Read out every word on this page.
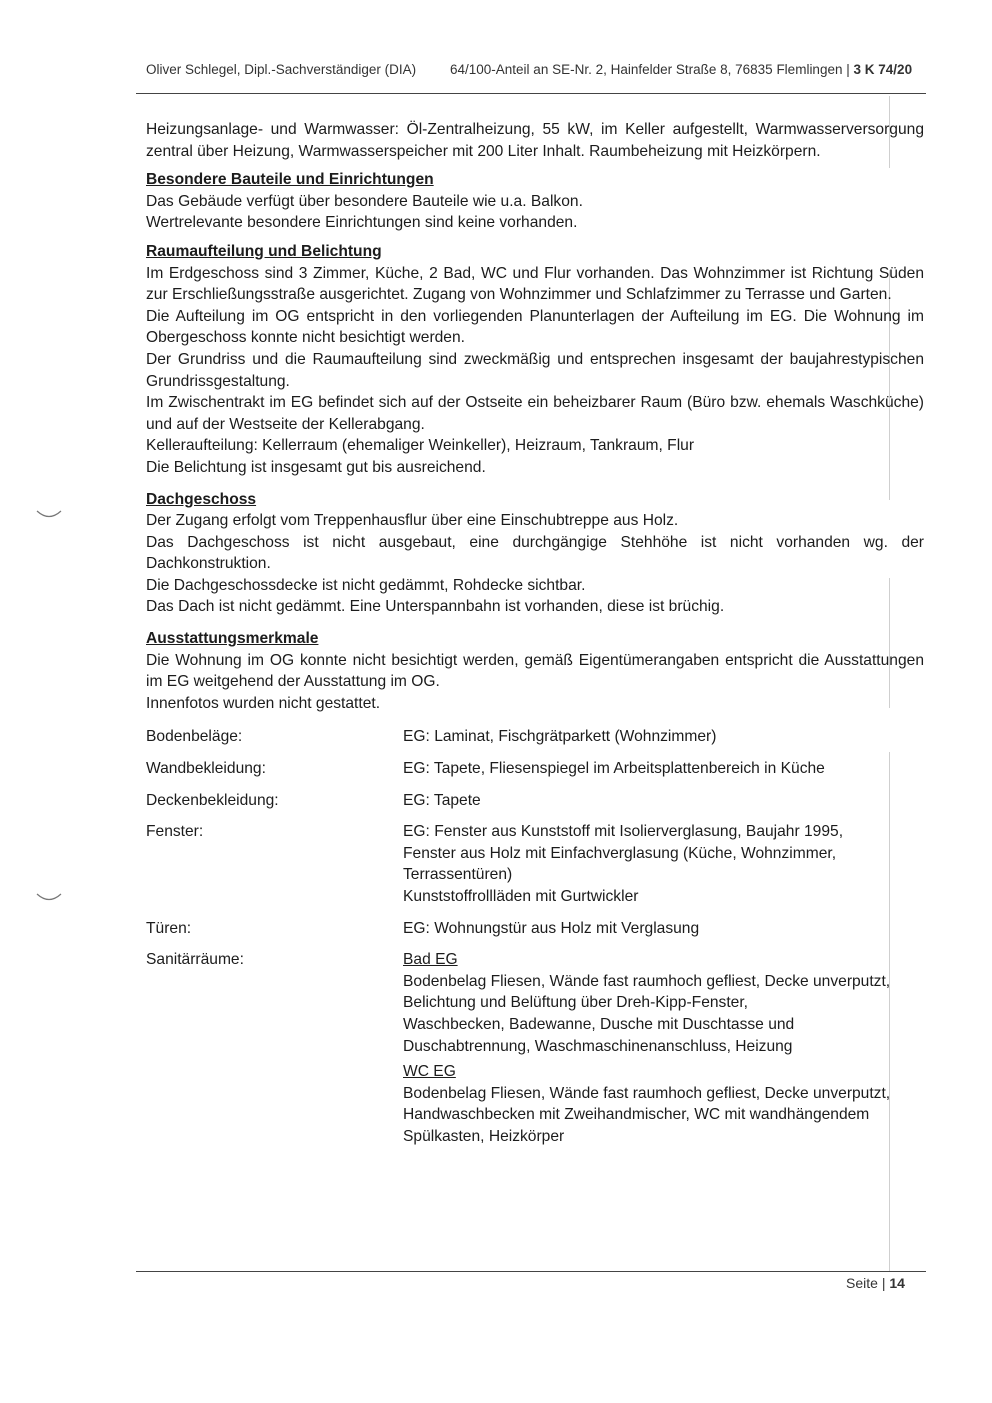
Oliver Schlegel, Dipl.-Sachverständiger (DIA)	64/100-Anteil an SE-Nr. 2, Hainfelder Straße 8, 76835 Flemlingen | 3 K 74/20

Heizungsanlage- und Warmwasser: Öl-Zentralheizung, 55 kW, im Keller aufgestellt, Warmwasserversorgung zentral über Heizung, Warmwasserspeicher mit 200 Liter Inhalt. Raumbeheizung mit Heizkörpern.

Besondere Bauteile und Einrichtungen

Das Gebäude verfügt über besondere Bauteile wie u.a. Balkon.

Wertrelevante besondere Einrichtungen sind keine vorhanden.

Raumaufteilung und Belichtung

Im Erdgeschoss sind 3 Zimmer, Küche, 2 Bad, WC und Flur vorhanden. Das Wohnzimmer ist Richtung Süden zur Erschließungsstraße ausgerichtet. Zugang von Wohnzimmer und Schlafzimmer zu Terrasse und Garten.

Die Aufteilung im OG entspricht in den vorliegenden Planunterlagen der Aufteilung im EG. Die Wohnung im Obergeschoss konnte nicht besichtigt werden.

Der Grundriss und die Raumaufteilung sind zweckmäßig und entsprechen insgesamt der baujahrestypischen Grundrissgestaltung.

Im Zwischentrakt im EG befindet sich auf der Ostseite ein beheizbarer Raum (Büro bzw. ehemals Waschküche) und auf der Westseite der Kellerabgang.

Kelleraufteilung: Kellerraum (ehemaliger Weinkeller), Heizraum, Tankraum, Flur

Die Belichtung ist insgesamt gut bis ausreichend.

Dachgeschoss

Der Zugang erfolgt vom Treppenhausflur über eine Einschubtreppe aus Holz.

Das Dachgeschoss ist nicht ausgebaut, eine durchgängige Stehhöhe ist nicht vorhanden wg. der Dachkonstruktion.

Die Dachgeschossdecke ist nicht gedämmt, Rohdecke sichtbar.

Das Dach ist nicht gedämmt. Eine Unterspannbahn ist vorhanden, diese ist brüchig.

Ausstattungsmerkmale

Die Wohnung im OG konnte nicht besichtigt werden, gemäß Eigentümerangaben entspricht die Ausstattungen im EG weitgehend der Ausstattung im OG.

Innenfotos wurden nicht gestattet.

Bodenbeläge:	EG: Laminat, Fischgrätparkett (Wohnzimmer)
Wandbekleidung:	EG: Tapete, Fliesenspiegel im Arbeitsplattenbereich in Küche
Deckenbekleidung:	EG: Tapete
Fenster:	EG: Fenster aus Kunststoff mit Isolierverglasung, Baujahr 1995, Fenster aus Holz mit Einfachverglasung (Küche, Wohnzimmer, Terrassentüren)

Kunststoffrollläden mit Gurtwickler

Türen:	EG: Wohnungstür aus Holz mit Verglasung
Sanitärräume:	Bad EG

Bodenbelag Fliesen, Wände fast raumhoch gefliest, Decke unverputzt,

Belichtung und Belüftung über Dreh-Kipp-Fenster,

Waschbecken, Badewanne, Dusche mit Duschtasse und Duschabtrennung, Waschmaschinenanschluss, Heizung

WC EG

Bodenbelag Fliesen, Wände fast raumhoch gefliest, Decke unverputzt,

Handwaschbecken mit Zweihandmischer, WC mit wandhängendem Spülkasten, Heizkörper

Seite | 14
